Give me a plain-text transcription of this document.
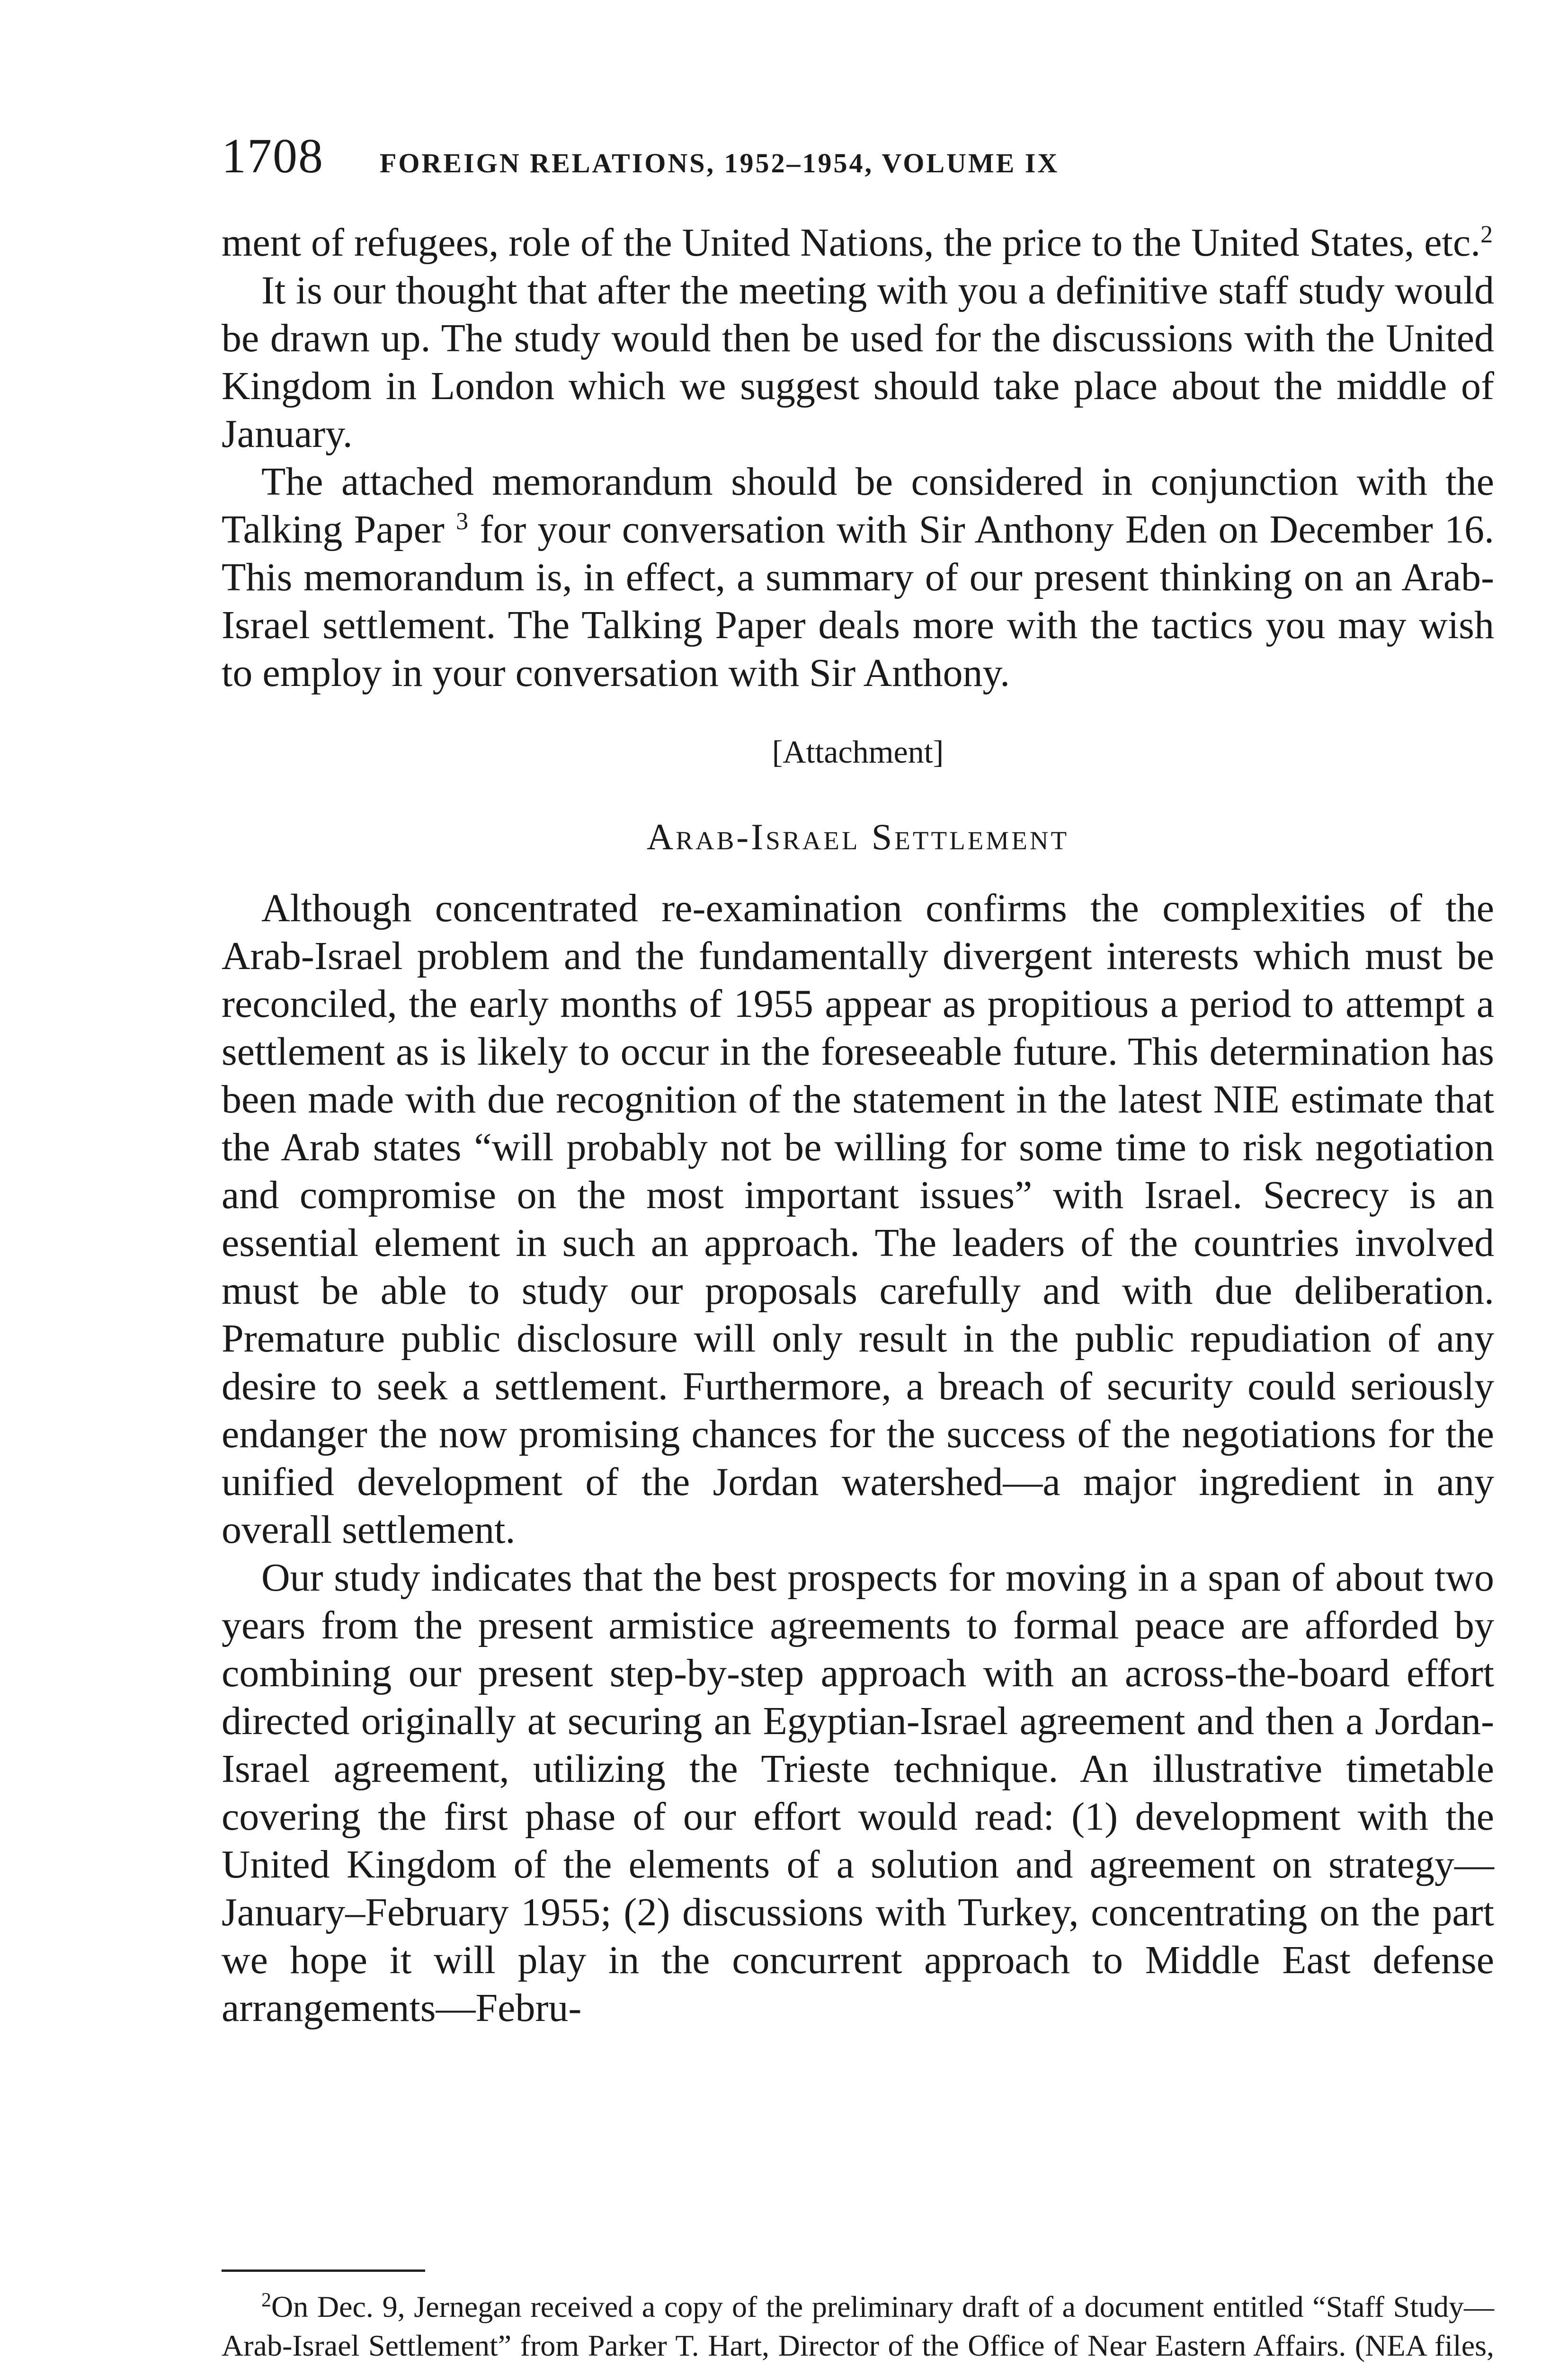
1708 FOREIGN RELATIONS, 1952–1954, VOLUME IX

ment of refugees, role of the United Nations, the price to the United States, etc.$^2$

It is our thought that after the meeting with you a definitive staff study would be drawn up. The study would then be used for the discussions with the United Kingdom in London which we suggest should take place about the middle of January.

The attached memorandum should be considered in conjunction with the Talking Paper $^3$ for your conversation with Sir Anthony Eden on December 16. This memorandum is, in effect, a summary of our present thinking on an Arab-Israel settlement. The Talking Paper deals more with the tactics you may wish to employ in your conversation with Sir Anthony.

[Attachment]
Arab-Israel Settlement

Although concentrated re-examination confirms the complexities of the Arab-Israel problem and the fundamentally divergent interests which must be reconciled, the early months of 1955 appear as propitious a period to attempt a settlement as is likely to occur in the foreseeable future. This determination has been made with due recognition of the statement in the latest NIE estimate that the Arab states “will probably not be willing for some time to risk negotiation and compromise on the most important issues” with Israel. Secrecy is an essential element in such an approach. The leaders of the countries involved must be able to study our proposals carefully and with due deliberation. Premature public disclosure will only result in the public repudiation of any desire to seek a settlement. Furthermore, a breach of security could seriously endanger the now promising chances for the success of the negotiations for the unified development of the Jordan watershed—a major ingredient in any overall settlement.

Our study indicates that the best prospects for moving in a span of about two years from the present armistice agreements to formal peace are afforded by combining our present step-by-step approach with an across-the-board effort directed originally at securing an Egyptian-Israel agreement and then a Jordan-Israel agreement, utilizing the Trieste technique. An illustrative timetable covering the first phase of our effort would read: (1) development with the United Kingdom of the elements of a solution and agreement on strategy—January–February 1955; (2) discussions with Turkey, concentrating on the part we hope it will play in the concurrent approach to Middle East defense arrangements—Febru-

$^2$On Dec. 9, Jernegan received a copy of the preliminary draft of a document entitled “Staff Study—Arab-Israel Settlement” from Parker T. Hart, Director of the Office of Near Eastern Affairs. (NEA files,
